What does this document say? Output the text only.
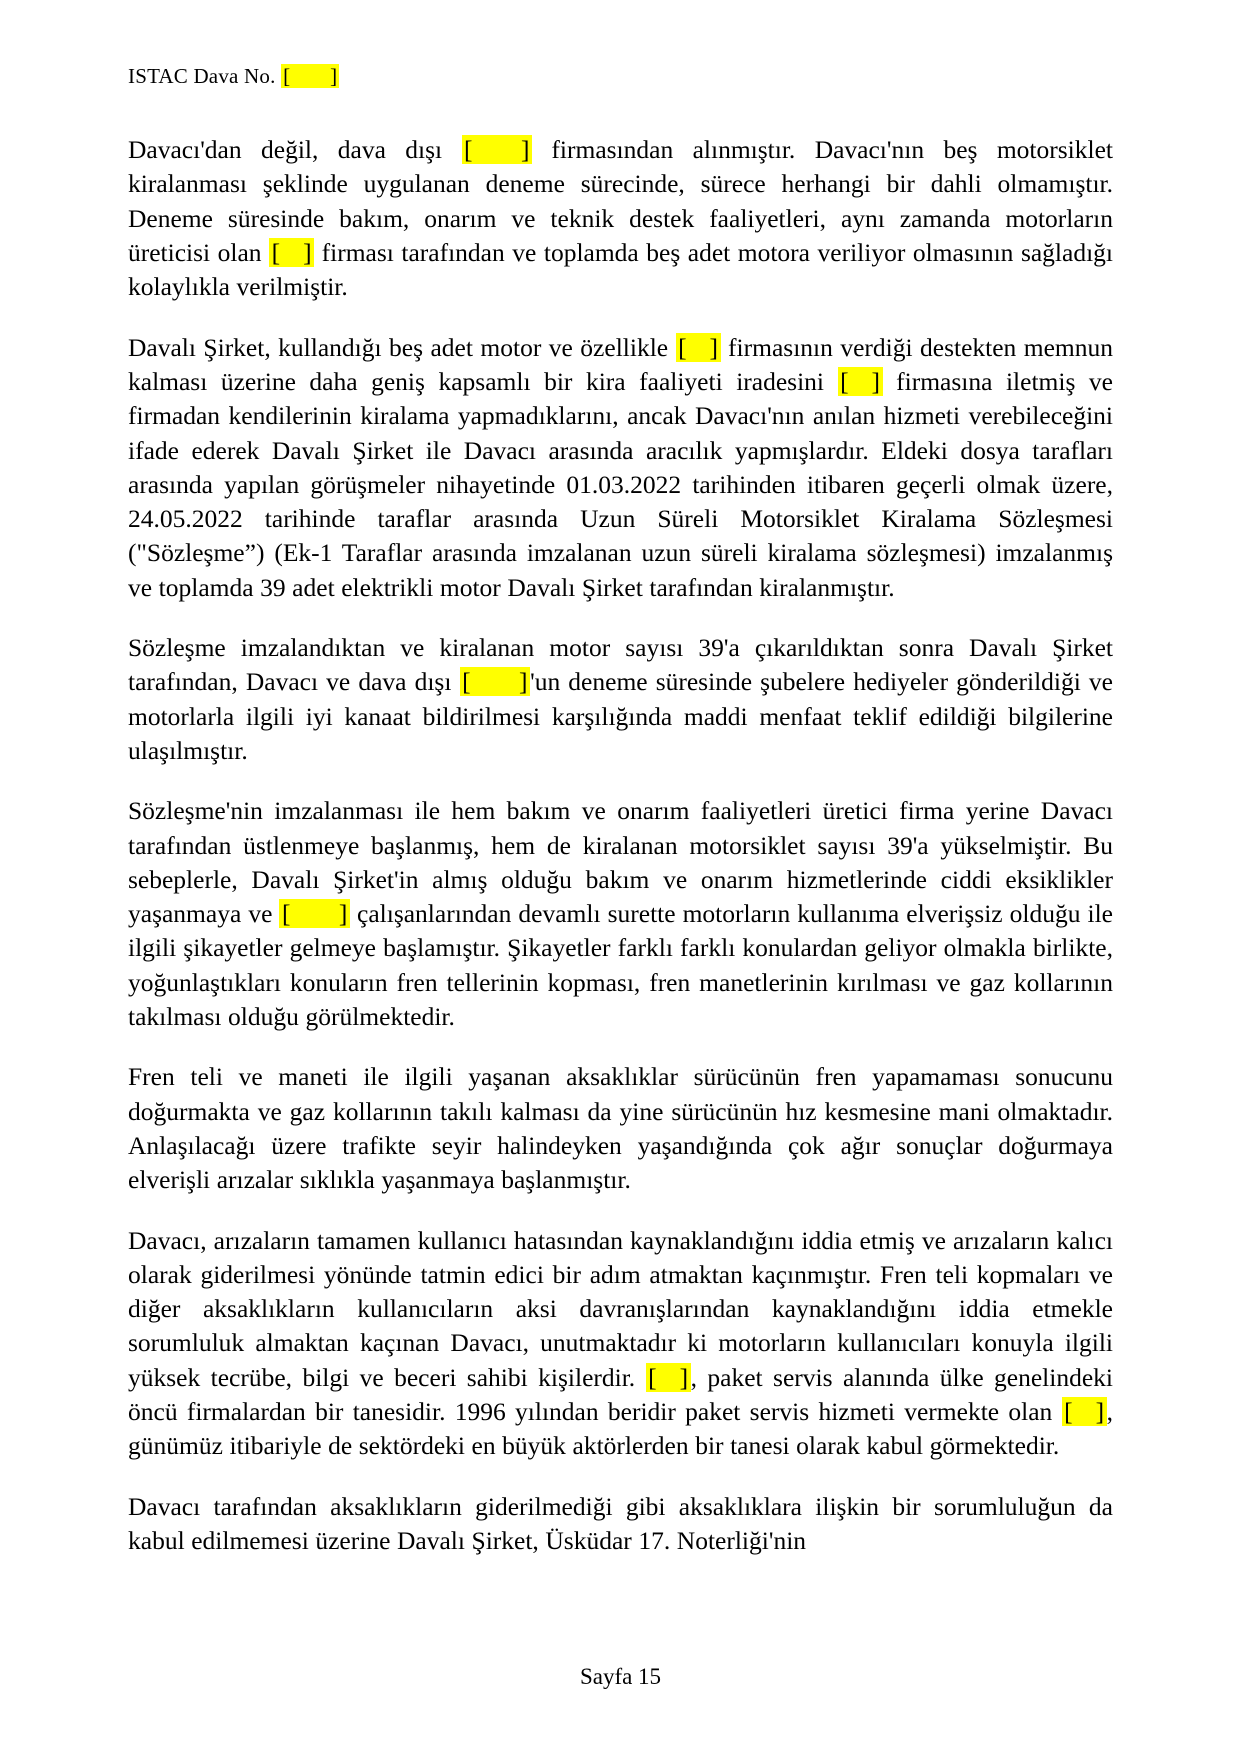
ISTAC Dava No. [ ]

Davacı'dan değil, dava dışı [ ] firmasından alınmıştır. Davacı'nın beş motorsiklet kiralanması şeklinde uygulanan deneme sürecinde, sürece herhangi bir dahli olmamıştır. Deneme süresinde bakım, onarım ve teknik destek faaliyetleri, aynı zamanda motorların üreticisi olan [ ] firması tarafından ve toplamda beş adet motora veriliyor olmasının sağladığı kolaylıkla verilmiştir.

Davalı Şirket, kullandığı beş adet motor ve özellikle [ ] firmasının verdiği destekten memnun kalması üzerine daha geniş kapsamlı bir kira faaliyeti iradesini [ ] firmasına iletmiş ve firmadan kendilerinin kiralama yapmadıklarını, ancak Davacı'nın anılan hizmeti verebileceğini ifade ederek Davalı Şirket ile Davacı arasında aracılık yapmışlardır. Eldeki dosya tarafları arasında yapılan görüşmeler nihayetinde 01.03.2022 tarihinden itibaren geçerli olmak üzere, 24.05.2022 tarihinde taraflar arasında Uzun Süreli Motorsiklet Kiralama Sözleşmesi ("Sözleşme”) (Ek-1 Taraflar arasında imzalanan uzun süreli kiralama sözleşmesi) imzalanmış ve toplamda 39 adet elektrikli motor Davalı Şirket tarafından kiralanmıştır.

Sözleşme imzalandıktan ve kiralanan motor sayısı 39'a çıkarıldıktan sonra Davalı Şirket tarafından, Davacı ve dava dışı [ ]'un deneme süresinde şubelere hediyeler gönderildiği ve motorlarla ilgili iyi kanaat bildirilmesi karşılığında maddi menfaat teklif edildiği bilgilerine ulaşılmıştır.

Sözleşme'nin imzalanması ile hem bakım ve onarım faaliyetleri üretici firma yerine Davacı tarafından üstlenmeye başlanmış, hem de kiralanan motorsiklet sayısı 39'a yükselmiştir. Bu sebeplerle, Davalı Şirket'in almış olduğu bakım ve onarım hizmetlerinde ciddi eksiklikler yaşanmaya ve [ ] çalışanlarından devamlı surette motorların kullanıma elverişsiz olduğu ile ilgili şikayetler gelmeye başlamıştır. Şikayetler farklı farklı konulardan geliyor olmakla birlikte, yoğunlaştıkları konuların fren tellerinin kopması, fren manetlerinin kırılması ve gaz kollarının takılması olduğu görülmektedir.

Fren teli ve maneti ile ilgili yaşanan aksaklıklar sürücünün fren yapamaması sonucunu doğurmakta ve gaz kollarının takılı kalması da yine sürücünün hız kesmesine mani olmaktadır. Anlaşılacağı üzere trafikte seyir halindeyken yaşandığında çok ağır sonuçlar doğurmaya elverişli arızalar sıklıkla yaşanmaya başlanmıştır.

Davacı, arızaların tamamen kullanıcı hatasından kaynaklandığını iddia etmiş ve arızaların kalıcı olarak giderilmesi yönünde tatmin edici bir adım atmaktan kaçınmıştır. Fren teli kopmaları ve diğer aksaklıkların kullanıcıların aksi davranışlarından kaynaklandığını iddia etmekle sorumluluk almaktan kaçınan Davacı, unutmaktadır ki motorların kullanıcıları konuyla ilgili yüksek tecrübe, bilgi ve beceri sahibi kişilerdir. [ ], paket servis alanında ülke genelindeki öncü firmalardan bir tanesidir. 1996 yılından beridir paket servis hizmeti vermekte olan [ ], günümüz itibariyle de sektördeki en büyük aktörlerden bir tanesi olarak kabul görmektedir.

Davacı tarafından aksaklıkların giderilmediği gibi aksaklıklara ilişkin bir sorumluluğun da kabul edilmemesi üzerine Davalı Şirket, Üsküdar 17. Noterliği'nin

Sayfa 15
